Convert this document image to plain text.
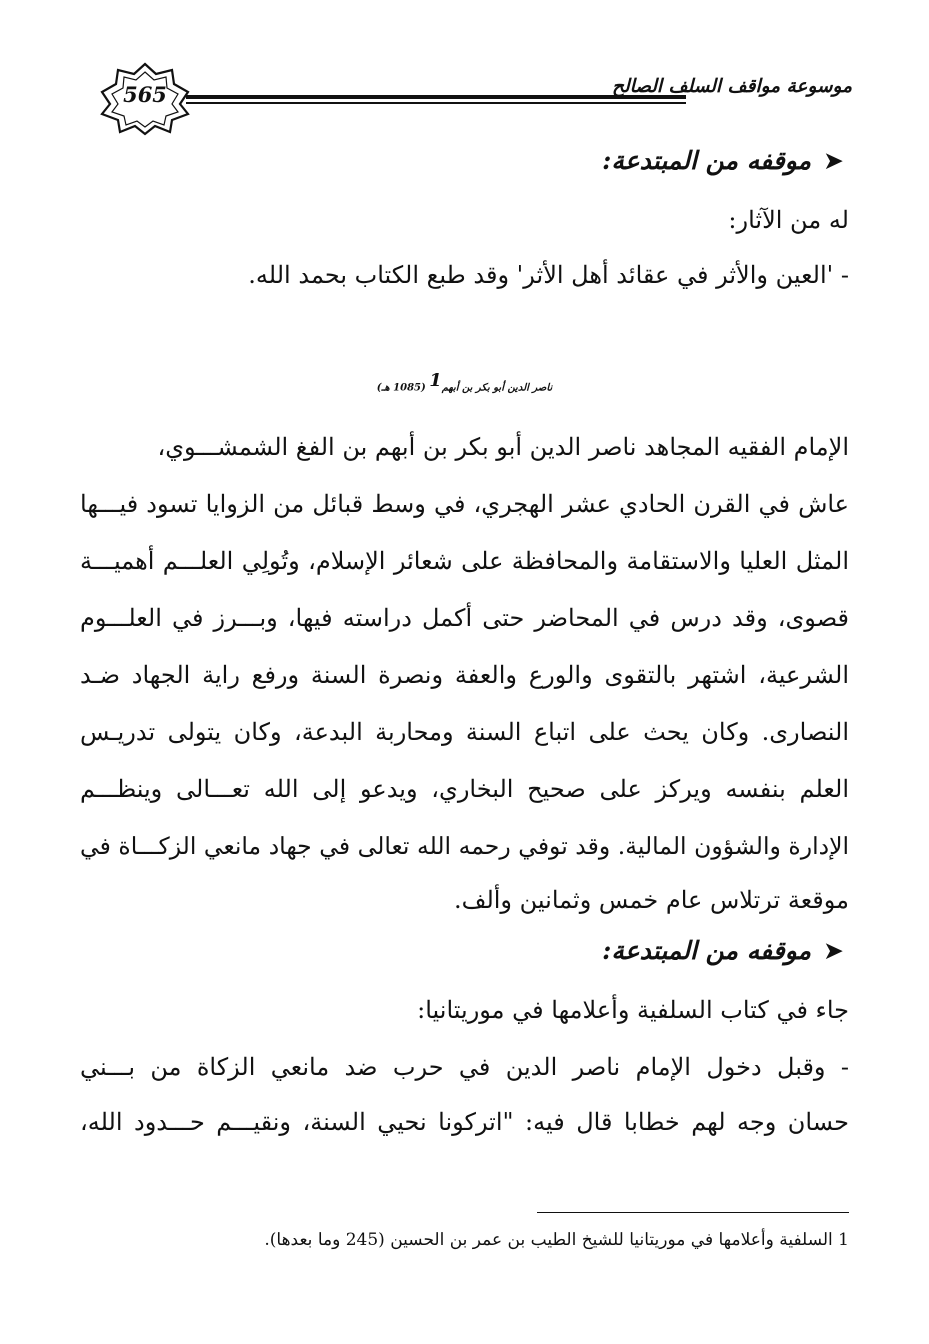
565	موسوعة مواقف السلف الصالح
➤موقفه من المبتدعة:
له من الآثار:
- 'العين والأثر في عقائد أهل الأثر' وقد طبع الكتاب بحمد الله.
ناصر الدين أبو بكر بن أبهم$^1$ (1085 هـ)
الإمام الفقيه المجاهد ناصر الدين أبو بكر بن أبهم بن الفغ الشمشـــوي،
عاش في القرن الحادي عشر الهجري، في وسط قبائل من الزوايا تسود فيـــها
المثل العليا والاستقامة والمحافظة على شعائر الإسلام، وتُولِي العلـــم أهميـــة
قصوى، وقد درس في المحاضر حتى أكمل دراسته فيها، وبـــرز في العلـــوم
الشرعية، اشتهر بالتقوى والورع والعفة ونصرة السنة ورفع راية الجهاد ضـد
النصارى. وكان يحث على اتباع السنة ومحاربة البدعة، وكان يتولى تدريـس
العلم بنفسه ويركز على صحيح البخاري، ويدعو إلى الله تعـــالى وينظـــم
الإدارة والشؤون المالية. وقد توفي رحمه الله تعالى في جهاد مانعي الزكـــاة في
موقعة ترتلاس عام خمس وثمانين وألف.
➤موقفه من المبتدعة:
جاء في كتاب السلفية وأعلامها في موريتانيا:
- وقبل دخول الإمام ناصر الدين في حرب ضد مانعي الزكاة من بـــني
حسان وجه لهم خطابا قال فيه: "اتركونا نحيي السنة، ونقيـــم حـــدود الله،
1 السلفية وأعلامها في موريتانيا للشيخ الطيب بن عمر بن الحسين (245 وما بعدها).
